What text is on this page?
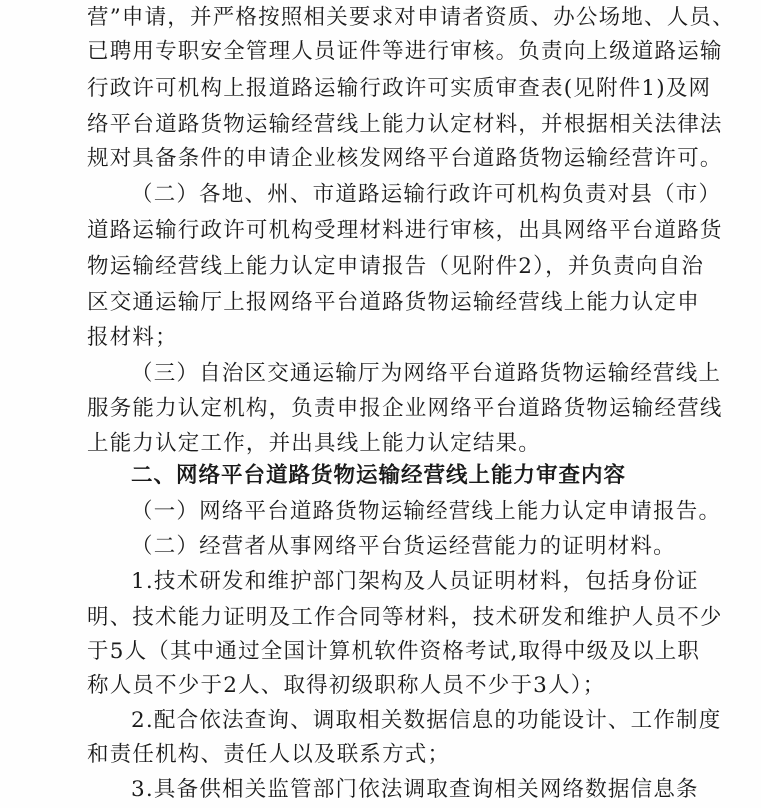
营”申请，并严格按照相关要求对申请者资质、办公场地、人员、
已聘用专职安全管理人员证件等进行审核。负责向上级道路运输
行政许可机构上报道路运输行政许可实质审查表(见附件1)及网
络平台道路货物运输经营线上能力认定材料，并根据相关法律法
规对具备条件的申请企业核发网络平台道路货物运输经营许可。
（二）各地、州、市道路运输行政许可机构负责对县（市）
道路运输行政许可机构受理材料进行审核，出具网络平台道路货
物运输经营线上能力认定申请报告（见附件2），并负责向自治
区交通运输厅上报网络平台道路货物运输经营线上能力认定申
报材料；
（三）自治区交通运输厅为网络平台道路货物运输经营线上
服务能力认定机构，负责申报企业网络平台道路货物运输经营线
上能力认定工作，并出具线上能力认定结果。
二、网络平台道路货物运输经营线上能力审查内容
（一）网络平台道路货物运输经营线上能力认定申请报告。
（二）经营者从事网络平台货运经营能力的证明材料。
1.技术研发和维护部门架构及人员证明材料，包括身份证
明、技术能力证明及工作合同等材料，技术研发和维护人员不少
于5人（其中通过全国计算机软件资格考试,取得中级及以上职
称人员不少于2人、取得初级职称人员不少于3人）；
2.配合依法查询、调取相关数据信息的功能设计、工作制度
和责任机构、责任人以及联系方式；
3.具备供相关监管部门依法调取查询相关网络数据信息条
